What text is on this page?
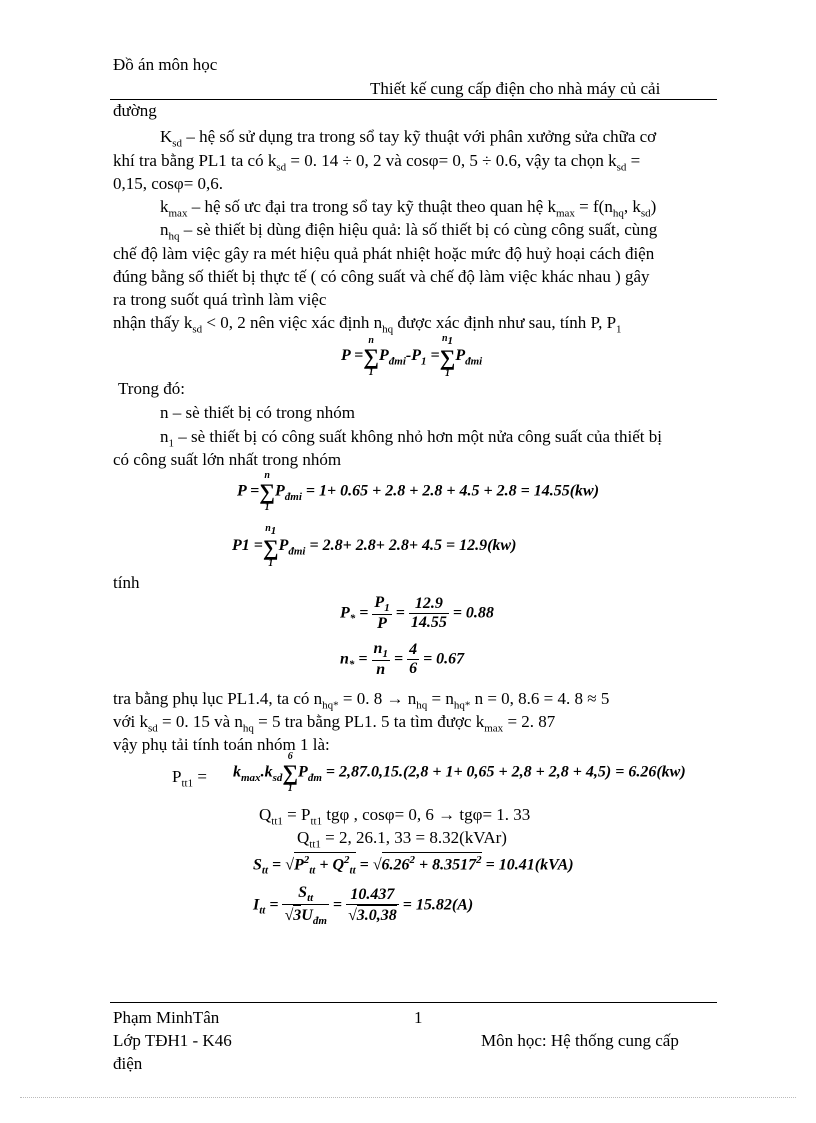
Đồ án môn học
Thiết kế cung cấp điện cho nhà máy củ cải
đường
$K_{sd}$ – hệ số sử dụng tra trong sổ tay kỹ thuật với phân xưởng sửa chữa cơ
khí tra bằng PL1 ta có $k_{sd} = 0$. 14 ÷ 0, 2 và cosφ= 0, 5 ÷ 0.6, vậy ta chọn $k_{sd}$ =
0,15, cosφ= 0,6.
$k_{max}$ – hệ số ưc đại tra trong sổ tay kỹ thuật theo quan hệ $k_{max} = f(n_{hq}$, $k_{sd}$)
$n_{hq}$ – sè thiết bị dùng điện hiệu quả: là số thiết bị có cùng công suất, cùng
chế độ làm việc gây ra mét hiệu quả phát nhiệt hoặc mức độ huỷ hoại cách điện
đúng bằng số thiết bị thực tế ( có công suất và chế độ làm việc khác nhau ) gây
ra trong suốt quá trình làm việc
nhận thấy $k_{sd} < 0$, 2 nên việc xác định $n_{hq}$ được xác định như sau, tính P, $P_1$
P =
n
∑
1
$P_{đmi}-P_1$ =
$n_1$
∑
1
$P_{đmi}$
Trong đó:
n – sè thiết bị có trong nhóm
$n_1$ – sè thiết bị có công suất không nhỏ hơn một nửa công suất của thiết bị
có công suất lớn nhất trong nhóm
P =
n
∑
1
$P_{đmi} = 1+ 0.65 + 2.8 + 2.8 + 4.5 + 2.8 = 14.55(kw)$
P1 =
$n_1$
∑
1
$P_{đmi} = 2.8+ 2.8+ 2.8+ 4.5 = 12.9(kw)$
tính
$P_* = \frac{P_1}{P} = \frac{12.9}{14.55} = 0.88$
$n_* = \frac{n_1}{n} = \frac{4}{6} = 0.67$
tra bằng phụ lục PL1.4, ta có $n_{hq*} = 0$. $8 \to n_{hq} = n_{hq*}$ n = 0, 8.6 = 4. 8 ≈ 5
với $k_{sd} = 0$. 15 và $n_{hq} = 5$ tra bằng PL1. 5 ta tìm được $k_{max} = 2$. 87
vậy phụ tải tính toán nhóm 1 là:
$P_{tt1} = k_{max}.k_{sd}$
6
∑
1
$P_{đm} = 2,87.0,15.(2,8 + 1+ 0,65 + 2,8 + 2,8 + 4,5) = 6.26(kw)$
$Q_{tt1} = P_{tt1}$ tgφ , cosφ= 0, 6 → tgφ= 1. 33
$Q_{tt1} = 2$, 26.1, 33 = 8.32(kVAr)
$S_{tt} = √P^2_{tt} + Q^2_{tt} = √6.26^2 + 8.3517^2 = 10.41(kVA)$
$I_{tt} = \frac{S_{tt}}{√3U_{đm}} = \frac{10.437}{√3.0,38} = 15.82(A)$
Phạm MinhTân	1
Lớp TĐH1 - K46	Môn học: Hệ thống cung cấp
điện
